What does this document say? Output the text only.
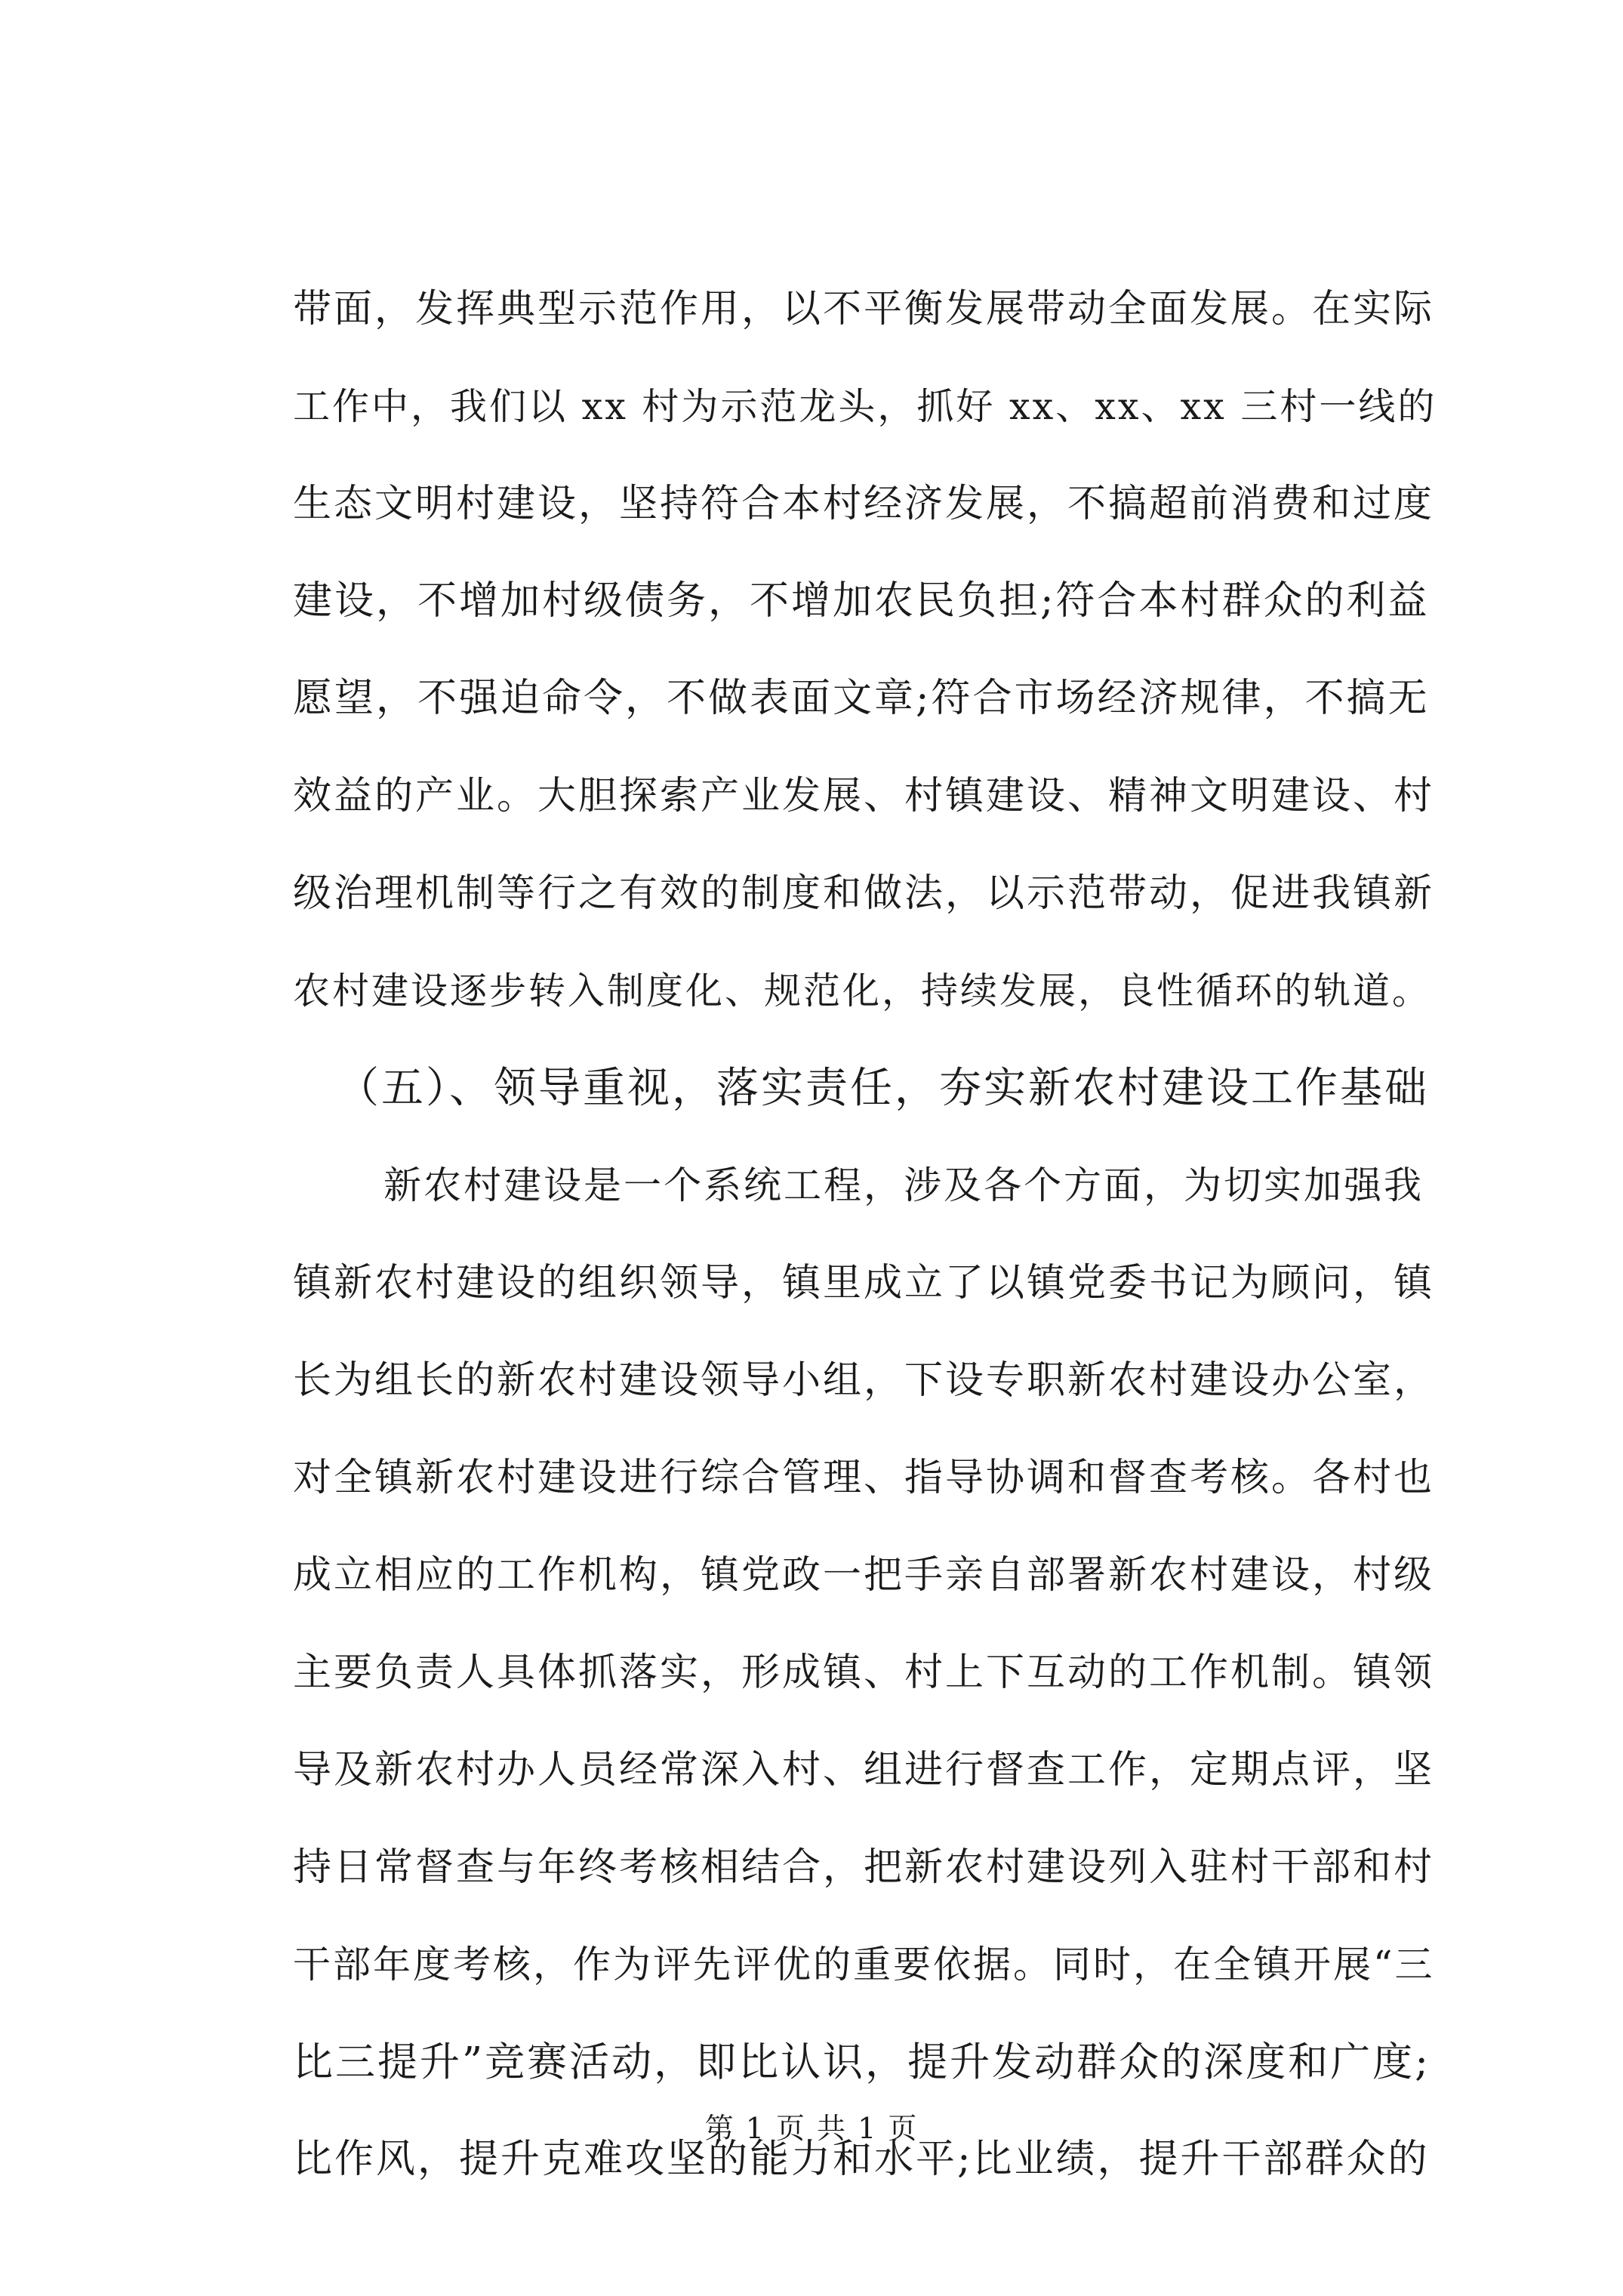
带面，发挥典型示范作用，以不平衡发展带动全面发展。在实际
工作中，我们以 xx 村为示范龙头，抓好 xx、xx、xx 三村一线的
生态文明村建设，坚持符合本村经济发展，不搞超前消费和过度
建设，不增加村级债务，不增加农民负担;符合本村群众的利益
愿望，不强迫命令，不做表面文章;符合市场经济规律，不搞无
效益的产业。大胆探索产业发展、村镇建设、精神文明建设、村
级治理机制等行之有效的制度和做法，以示范带动，促进我镇新
农村建设逐步转入制度化、规范化，持续发展，良性循环的轨道。
（五）、领导重视，落实责任，夯实新农村建设工作基础
新农村建设是一个系统工程，涉及各个方面，为切实加强我
镇新农村建设的组织领导，镇里成立了以镇党委书记为顾问，镇
长为组长的新农村建设领导小组，下设专职新农村建设办公室，
对全镇新农村建设进行综合管理、指导协调和督查考核。各村也
成立相应的工作机构，镇党政一把手亲自部署新农村建设，村级
主要负责人具体抓落实，形成镇、村上下互动的工作机制。镇领
导及新农村办人员经常深入村、组进行督查工作，定期点评，坚
持日常督查与年终考核相结合，把新农村建设列入驻村干部和村
干部年度考核，作为评先评优的重要依据。同时，在全镇开展“三
比三提升”竞赛活动，即比认识，提升发动群众的深度和广度;
比作风，提升克难攻坚的能力和水平;比业绩，提升干部群众的
第 1 页 共 1 页
